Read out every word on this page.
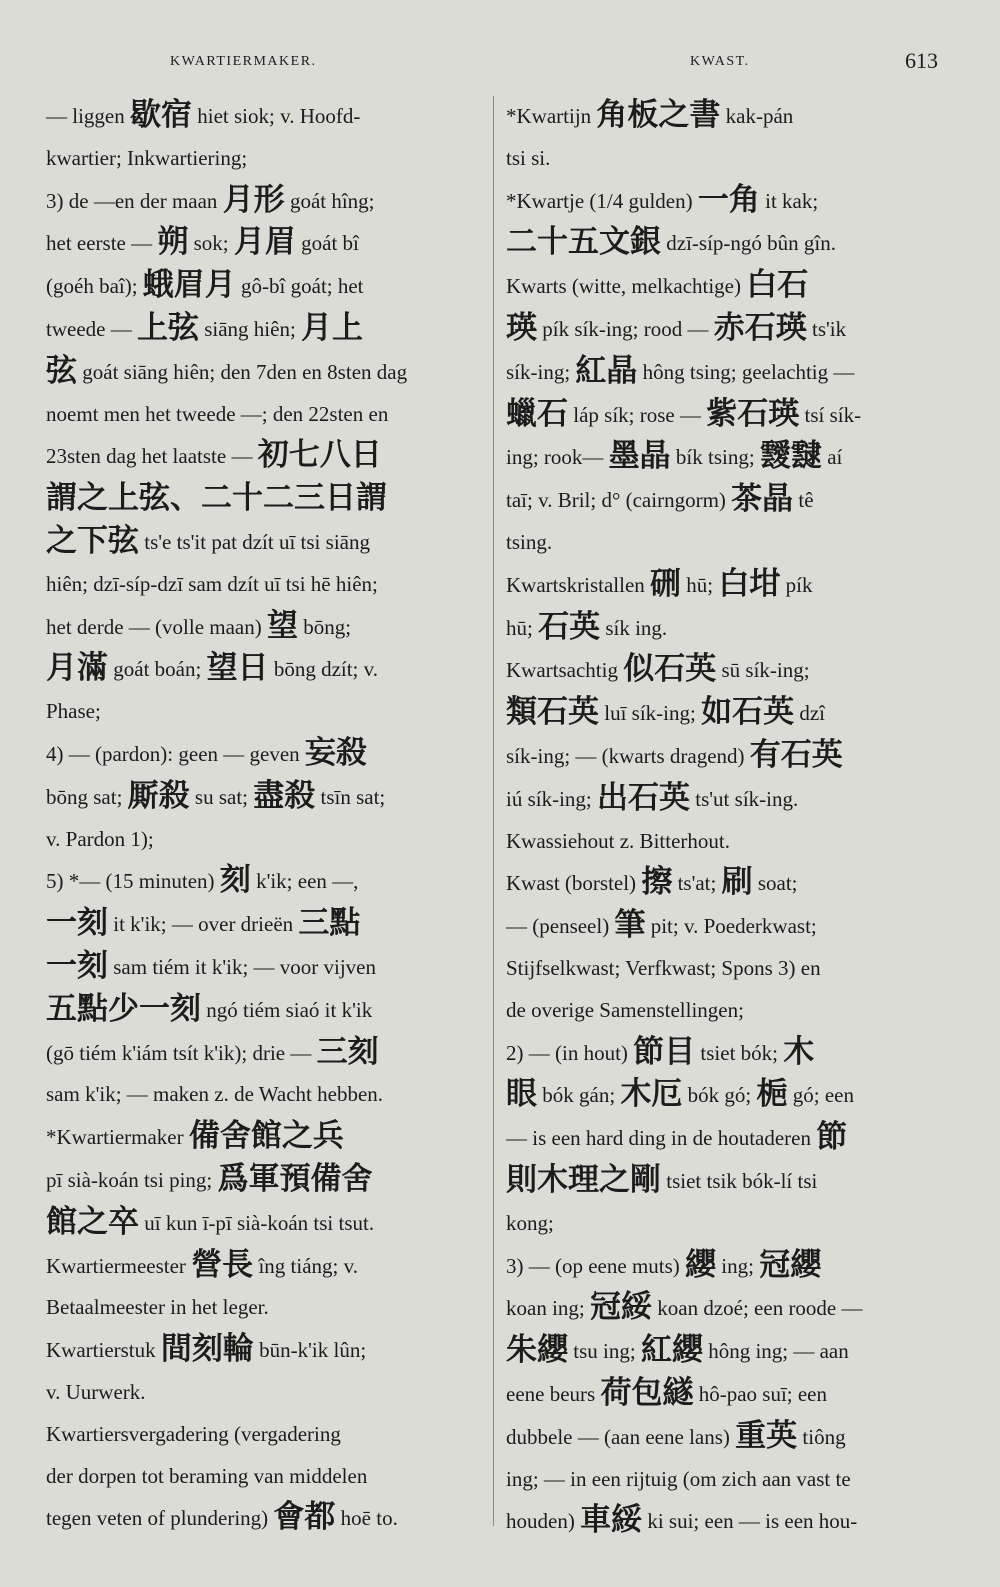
KWARTIERMAKER.	KWAST.	613
— liggen 歇宿 hiet siok; v. Hoofd-
kwartier; Inkwartiering;
3) de —en der maan 月形 goát hîng;
het eerste — 朔 sok; 月眉 goát bî
(goéh baî); 蛾眉月 gô-bî goát; het
tweede — 上弦 siāng hiên; 月上
弦 goát siāng hiên; den 7den en 8sten dag
noemt men het tweede —; den 22sten en
23sten dag het laatste — 初七八日
謂之上弦、二十二三日謂
之下弦 ts'e ts'it pat dzít uī tsi siāng
hiên; dzī-síp-dzī sam dzít uī tsi hē hiên;
het derde — (volle maan) 望 bōng;
月滿 goát boán; 望日 bōng dzít; v.
Phase;
4) — (pardon): geen — geven 妄殺
bōng sat; 厮殺 su sat; 盡殺 tsīn sat;
v. Pardon 1);
5) *— (15 minuten) 刻 k'ik; een —,
一刻 it k'ik; — over drieën 三點
一刻 sam tiém it k'ik; — voor vijven
五點少一刻 ngó tiém siaó it k'ik
(gō tiém k'iám tsít k'ik); drie — 三刻
sam k'ik; — maken z. de Wacht hebben.
*Kwartiermaker 備舍館之兵
pī sià-koán tsi ping; 爲軍預備舍
館之卒 uī kun ī-pī sià-koán tsi tsut.
Kwartiermeester 營長 îng tiáng; v.
Betaalmeester in het leger.
Kwartierstuk 間刻輪 būn-k'ik lûn;
v. Uurwerk.
Kwartiersvergadering (vergadering
der dorpen tot beraming van middelen
tegen veten of plundering) 會都 hoē to.
*Kwartijn 角板之書 kak-pán
tsi si.
*Kwartje (1/4 gulden) 一角 it kak;
二十五文銀 dzī-síp-ngó bûn gîn.
Kwarts (witte, melkachtige) 白石
瑛 pík sík-ing; rood — 赤石瑛 ts'ik
sík-ing; 紅晶 hông tsing; geelachtig —
蠟石 láp sík; rose — 紫石瑛 tsí sík-
ing; rook— 墨晶 bík tsing; 靉靆 aí
taī; v. Bril; d° (cairngorm) 茶晶 tê
tsing.
Kwartskristallen 硎 hū; 白坩 pík
hū; 石英 sík ing.
Kwartsachtig 似石英 sū sík-ing;
類石英 luī sík-ing; 如石英 dzî
sík-ing; — (kwarts dragend) 有石英
iú sík-ing; 出石英 ts'ut sík-ing.
Kwassiehout z. Bitterhout.
Kwast (borstel) 擦 ts'at; 刷 soat;
— (penseel) 筆 pit; v. Poederkwast;
Stijfselkwast; Verfkwast; Spons 3) en
de overige Samenstellingen;
2) — (in hout) 節目 tsiet bók; 木
眼 bók gán; 木厄 bók gó; 梔 gó; een
— is een hard ding in de houtaderen 節
則木理之剛 tsiet tsik bók-lí tsi
kong;
3) — (op eene muts) 纓 ing; 冠纓
koan ing; 冠綏 koan dzoé; een roode —
朱纓 tsu ing; 紅纓 hông ing; — aan
eene beurs 荷包繸 hô-pao suī; een
dubbele — (aan eene lans) 重英 tiông
ing; — in een rijtuig (om zich aan vast te
houden) 車綏 ki sui; een — is een hou-
